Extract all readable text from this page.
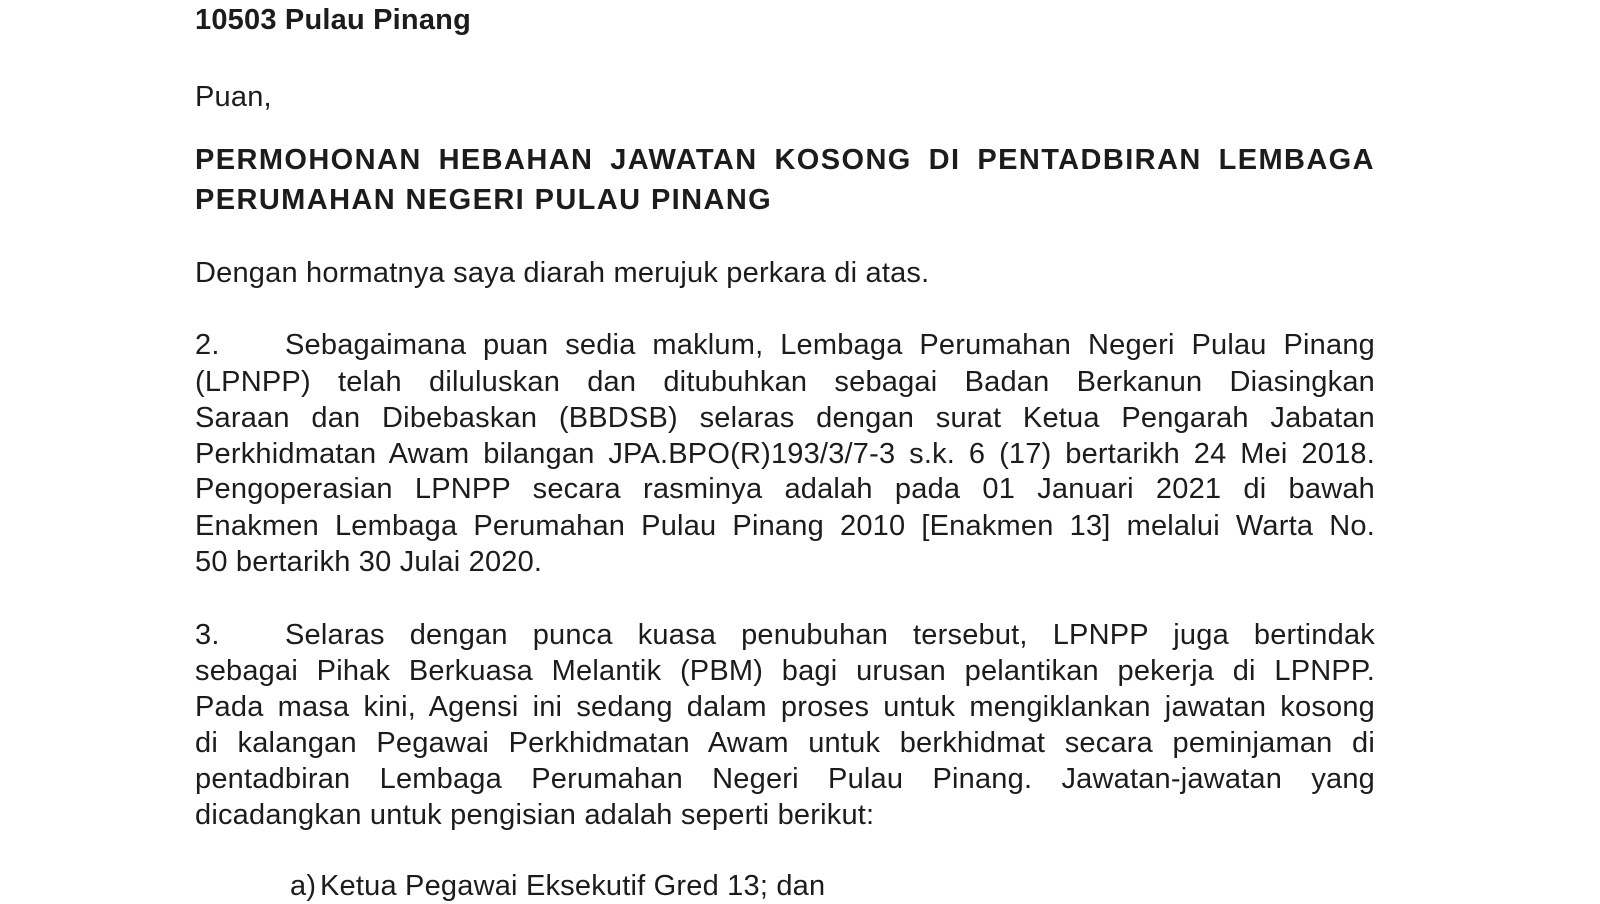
10503 Pulau Pinang
Puan,
PERMOHONAN HEBAHAN JAWATAN KOSONG DI PENTADBIRAN LEMBAGA
PERUMAHAN NEGERI PULAU PINANG
Dengan hormatnya saya diarah merujuk perkara di atas.
2. Sebagaimana puan sedia maklum, Lembaga Perumahan Negeri Pulau Pinang
(LPNPP) telah diluluskan dan ditubuhkan sebagai Badan Berkanun Diasingkan
Saraan dan Dibebaskan (BBDSB) selaras dengan surat Ketua Pengarah Jabatan
Perkhidmatan Awam bilangan JPA.BPO(R)193/3/7-3 s.k. 6 (17) bertarikh 24 Mei 2018.
Pengoperasian LPNPP secara rasminya adalah pada 01 Januari 2021 di bawah
Enakmen Lembaga Perumahan Pulau Pinang 2010 [Enakmen 13] melalui Warta No.
50 bertarikh 30 Julai 2020.
3. Selaras dengan punca kuasa penubuhan tersebut, LPNPP juga bertindak
sebagai Pihak Berkuasa Melantik (PBM) bagi urusan pelantikan pekerja di LPNPP.
Pada masa kini, Agensi ini sedang dalam proses untuk mengiklankan jawatan kosong
di kalangan Pegawai Perkhidmatan Awam untuk berkhidmat secara peminjaman di
pentadbiran Lembaga Perumahan Negeri Pulau Pinang. Jawatan-jawatan yang
dicadangkan untuk pengisian adalah seperti berikut:
a) Ketua Pegawai Eksekutif Gred 13; dan
